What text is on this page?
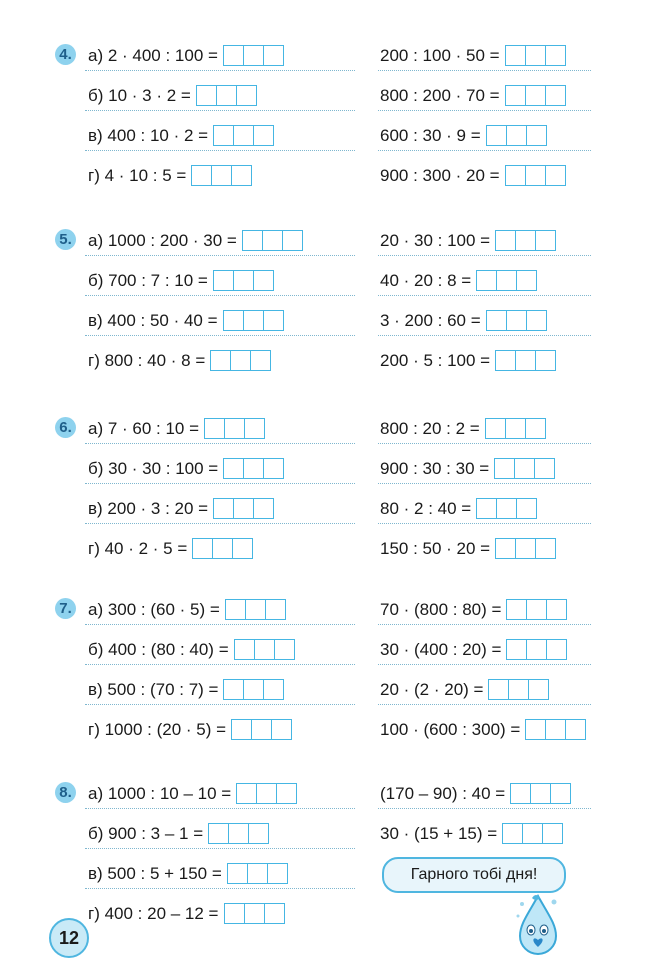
4. а) 2 · 400 : 100 =	200 : 100 · 50 =
б) 10 · 3 · 2 =	800 : 200 · 70 =
в) 400 : 10 · 2 =	600 : 30 · 9 =
г) 4 · 10 : 5 =	900 : 300 · 20 =
5. а) 1000 : 200 · 30 =	20 · 30 : 100 =
б) 700 : 7 : 10 =	40 · 20 : 8 =
в) 400 : 50 · 40 =	3 · 200 : 60 =
г) 800 : 40 · 8 =	200 · 5 : 100 =
6. а) 7 · 60 : 10 =	800 : 20 : 2 =
б) 30 · 30 : 100 =	900 : 30 : 30 =
в) 200 · 3 : 20 =	80 · 2 : 40 =
г) 40 · 2 · 5 =	150 : 50 · 20 =
7. а) 300 : (60 · 5) =	70 · (800 : 80) =
б) 400 : (80 : 40) =	30 · (400 : 20) =
в) 500 : (70 : 7) =	20 · (2 · 20) =
г) 1000 : (20 · 5) =	100 · (600 : 300) =
8. а) 1000 : 10 – 10 =	(170 – 90) : 40 =
б) 900 : 3 – 1 =	30 · (15 + 15) =
в) 500 : 5 + 150 =
г) 400 : 20 – 12 =
Гарного тобі дня!
12
